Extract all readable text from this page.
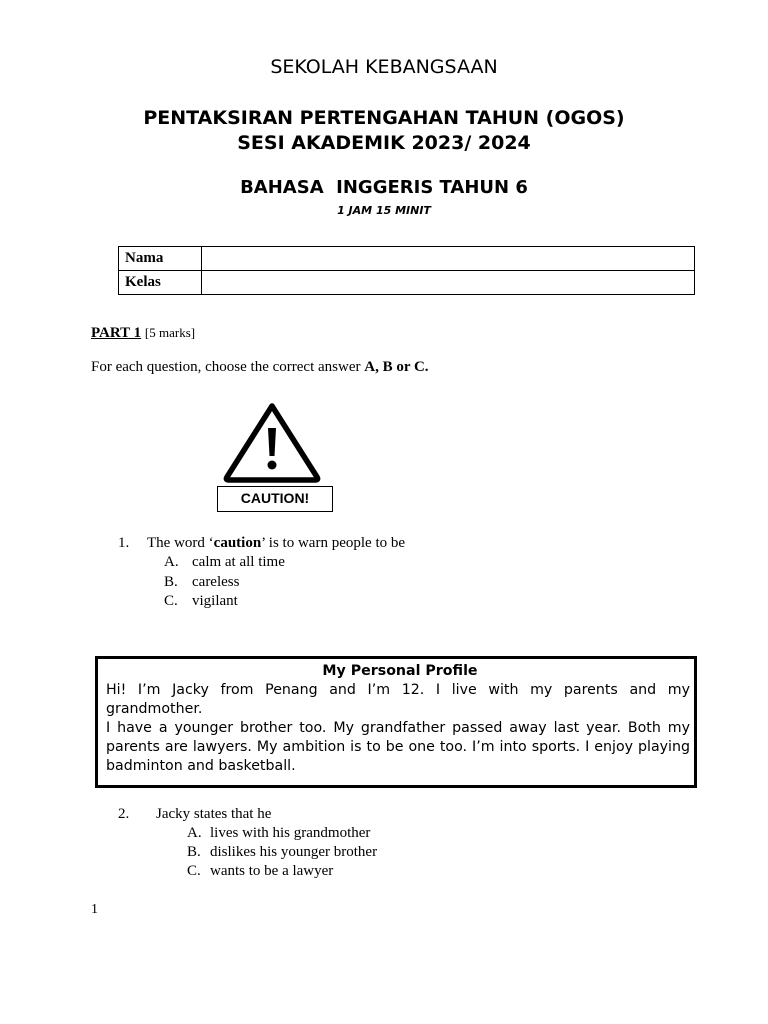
SEKOLAH KEBANGSAAN
PENTAKSIRAN PERTENGAHAN TAHUN (OGOS)
SESI AKADEMIK 2023/ 2024
BAHASA  INGGERIS TAHUN 6
1 JAM 15 MINIT
Nama	
Kelas	
PART 1 [5 marks]
For each question, choose the correct answer A, B or C.
CAUTION!
1. The word ‘caution’ is to warn people to be
A. calm at all time
B. careless
C. vigilant
My Personal Profile

Hi! I’m Jacky from Penang and I’m 12. I live with my parents and my grandmother.

I have a younger brother too. My grandfather passed away last year. Both my parents are lawyers. My ambition is to be one too. I’m into sports. I enjoy playing badminton and basketball.

2. Jacky states that he
A. lives with his grandmother
B. dislikes his younger brother
C. wants to be a lawyer
1
